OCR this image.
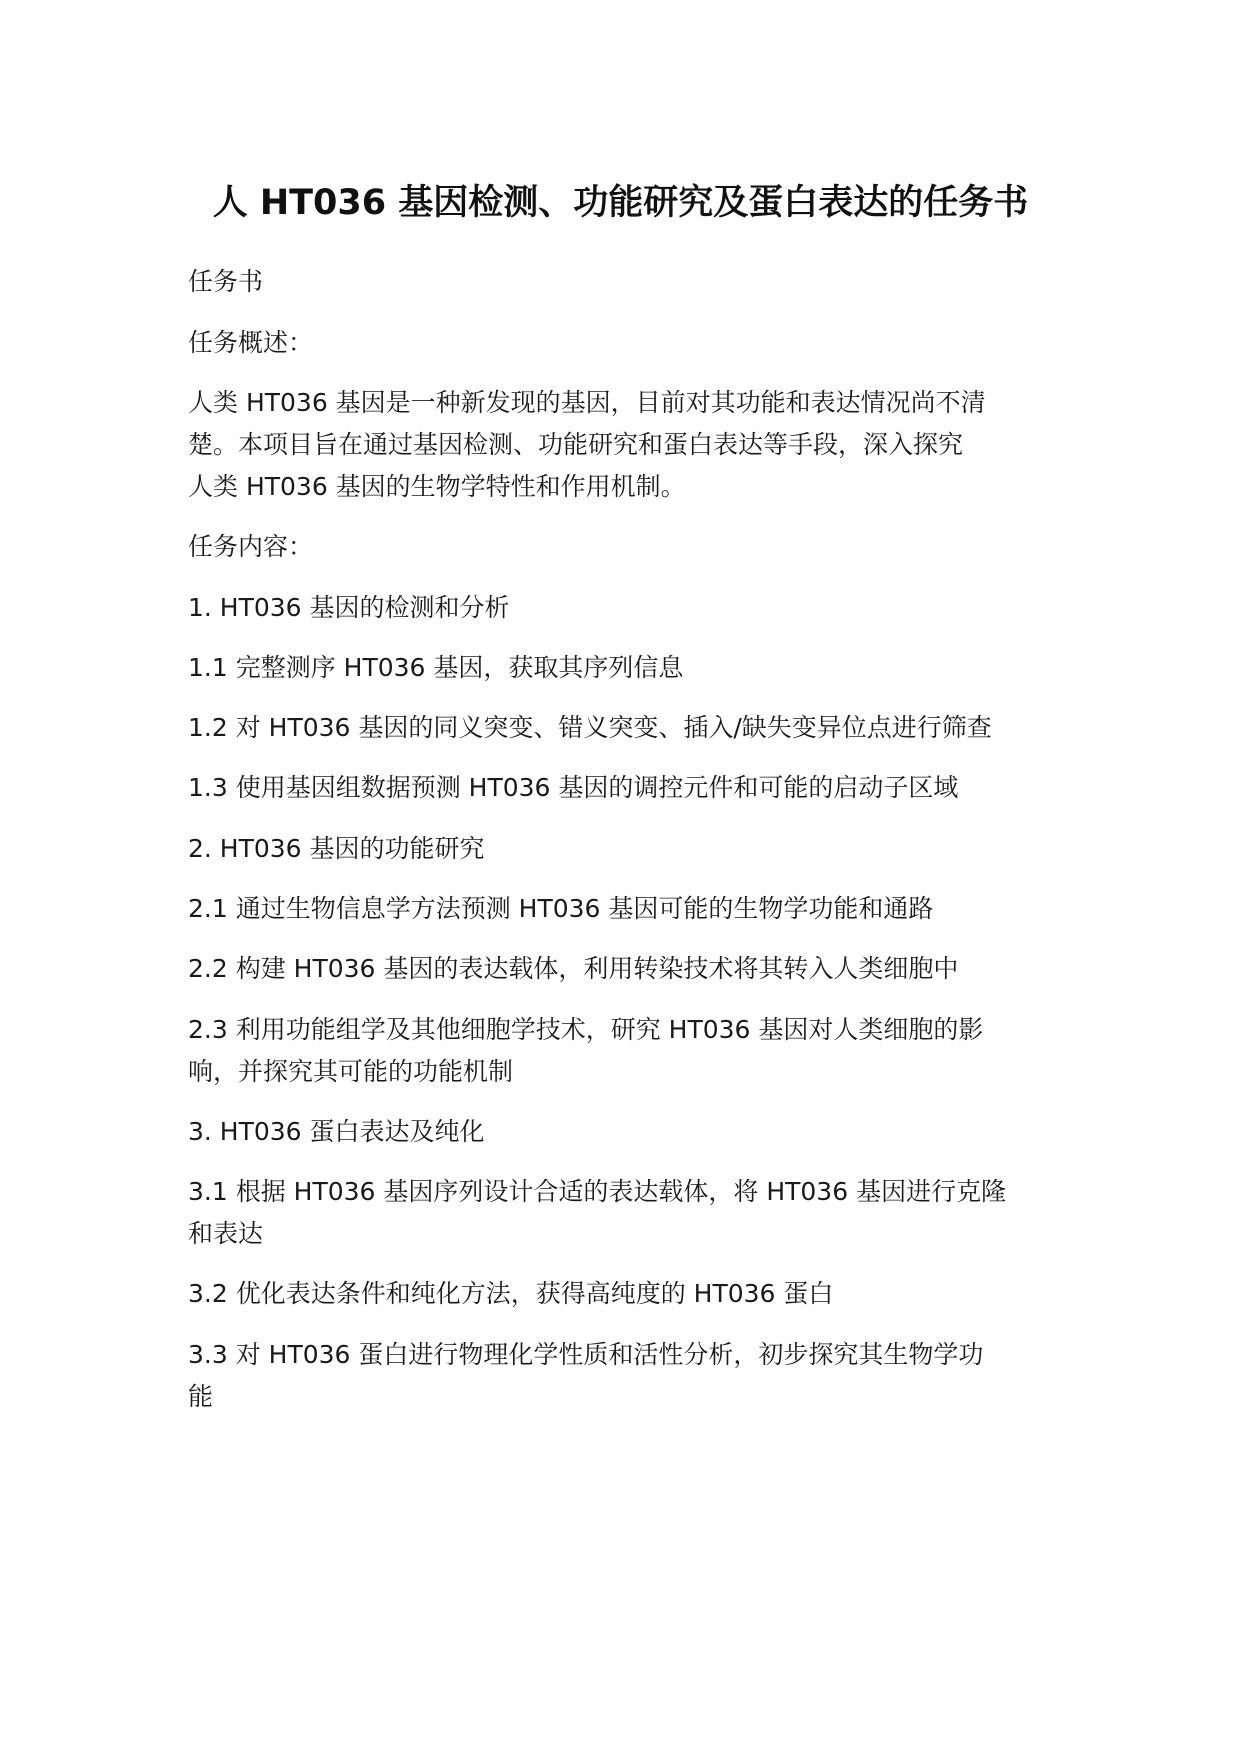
人 HT036 基因检测、功能研究及蛋白表达的任务书

任务书

任务概述：

人类 HT036 基因是一种新发现的基因，目前对其功能和表达情况尚不清

楚。本项目旨在通过基因检测、功能研究和蛋白表达等手段，深入探究

人类 HT036 基因的生物学特性和作用机制。

任务内容：

1. HT036 基因的检测和分析

1.1 完整测序 HT036 基因，获取其序列信息

1.2 对 HT036 基因的同义突变、错义突变、插入/缺失变异位点进行筛查

1.3 使用基因组数据预测 HT036 基因的调控元件和可能的启动子区域

2. HT036 基因的功能研究

2.1 通过生物信息学方法预测 HT036 基因可能的生物学功能和通路

2.2 构建 HT036 基因的表达载体，利用转染技术将其转入人类细胞中

2.3 利用功能组学及其他细胞学技术，研究 HT036 基因对人类细胞的影

响，并探究其可能的功能机制

3. HT036 蛋白表达及纯化

3.1 根据 HT036 基因序列设计合适的表达载体，将 HT036 基因进行克隆

和表达

3.2 优化表达条件和纯化方法，获得高纯度的 HT036 蛋白

3.3 对 HT036 蛋白进行物理化学性质和活性分析，初步探究其生物学功

能
